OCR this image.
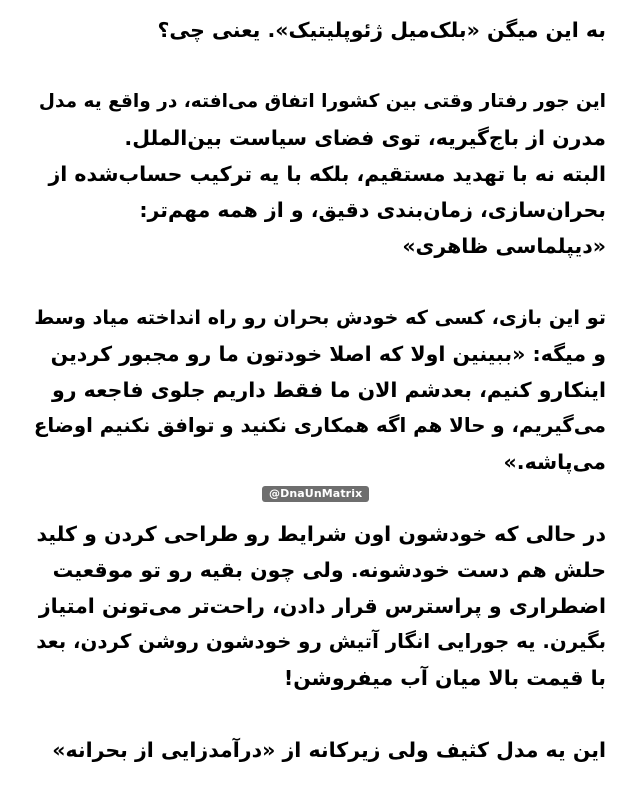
به این میگن «بلک‌میل ژئوپلیتیک». یعنی چی؟

این جور رفتار وقتی بین کشورا اتفاق می‌افته، در واقع یه مدل
مدرن از باج‌گیریه، توی فضای سیاست بین‌الملل.
البته نه با تهدید مستقیم، بلکه با یه ترکیب حساب‌شده از
بحران‌سازی، زمان‌بندی دقیق، و از همه مهم‌تر:
«دیپلماسی ظاهری»

تو این بازی، کسی که خودش بحران رو راه انداخته میاد وسط
و میگه: «ببینین اولا که اصلا خودتون ما رو مجبور کردین
اینکارو کنیم، بعدشم الان ما فقط داریم جلوی فاجعه رو
می‌گیریم، و حالا هم اگه همکاری نکنید و توافق نکنیم اوضاع
می‌پاشه.»

در حالی که خودشون اون شرایط رو طراحی کردن و کلید
حلش هم دست خودشونه. ولی چون بقیه رو تو موقعیت
اضطراری و پراسترس قرار دادن، راحت‌تر می‌تونن امتیاز
بگیرن. یه جورایی انگار آتیش رو خودشون روشن کردن، بعد
با قیمت بالا میان آب میفروشن!

این یه مدل کثیف ولی زیرکانه از «درآمدزایی از بحرانه»

@DnaUnMatrix
